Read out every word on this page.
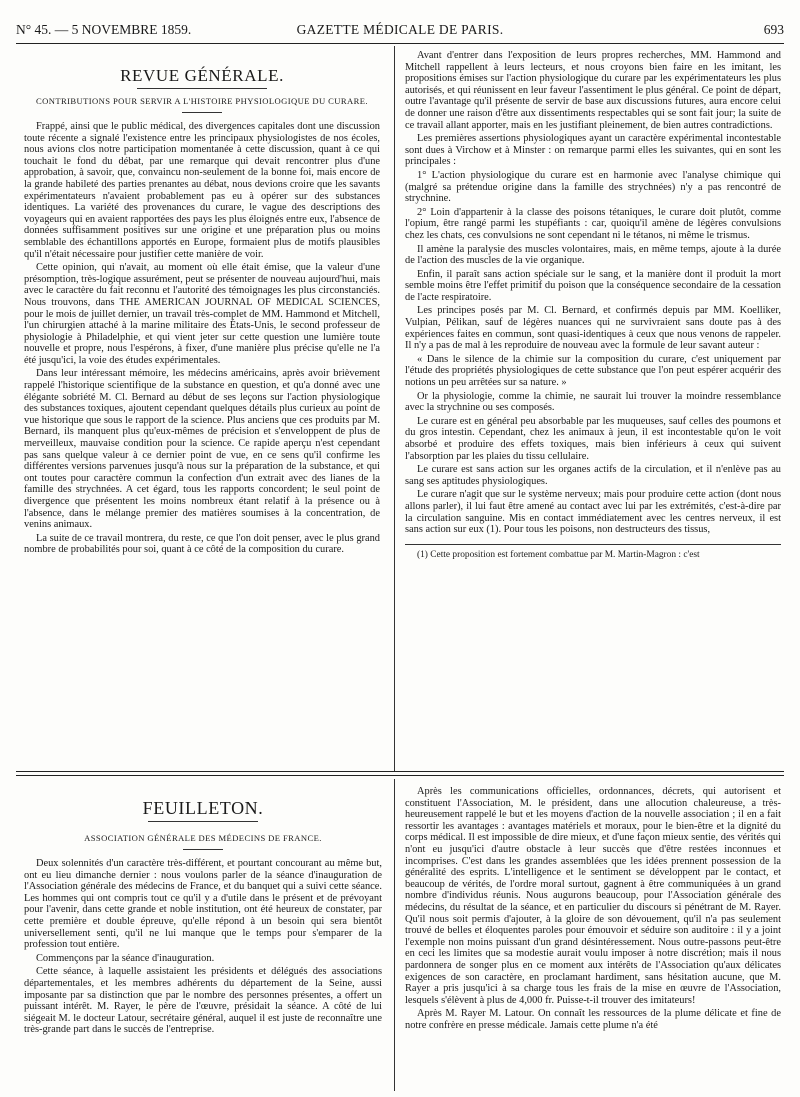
N° 45. — 5 NOVEMBRE 1859.	GAZETTE MÉDICALE DE PARIS.	693
REVUE GÉNÉRALE.
CONTRIBUTIONS POUR SERVIR A L'HISTOIRE PHYSIOLOGIQUE DU CURARE.

Frappé, ainsi que le public médical, des divergences capitales dont une discussion toute récente a signalé l'existence entre les principaux physiologistes de nos écoles, nous avions clos notre participation momentanée à cette discussion, quant à ce qui touchait le fond du débat, par une remarque qui devait rencontrer plus d'une approbation, à savoir, que, convaincu non-seulement de la bonne foi, mais encore de la grande habileté des parties prenantes au débat, nous devions croire que les savants expérimentateurs n'avaient probablement pas eu à opérer sur des substances identiques. La variété des provenances du curare, le vague des descriptions des voyageurs qui en avaient rapportées des pays les plus éloignés entre eux, l'absence de données suffisamment positives sur une origine et une préparation plus ou moins semblable des échantillons apportés en Europe, formaient plus de motifs plausibles qu'il n'était nécessaire pour justifier cette manière de voir.

Cette opinion, qui n'avait, au moment où elle était émise, que la valeur d'une présomption, très-logique assurément, peut se présenter de nouveau aujourd'hui, mais avec le caractère du fait reconnu et l'autorité des témoignages les plus circonstanciés. Nous trouvons, dans THE AMERICAN JOURNAL OF MEDICAL SCIENCES, pour le mois de juillet dernier, un travail très-complet de MM. Hammond et Mitchell, l'un chirurgien attaché à la marine militaire des États-Unis, le second professeur de physiologie à Philadelphie, et qui vient jeter sur cette question une lumière toute nouvelle et propre, nous l'espérons, à fixer, d'une manière plus précise qu'elle ne l'a été jusqu'ici, la voie des études expérimentales.

Dans leur intéressant mémoire, les médecins américains, après avoir brièvement rappelé l'historique scientifique de la substance en question, et qu'a donné avec une élégante sobriété M. Cl. Bernard au début de ses leçons sur l'action physiologique des substances toxiques, ajoutent cependant quelques détails plus curieux au point de vue historique que sous le rapport de la science. Plus anciens que ces produits par M. Bernard, ils manquent plus qu'eux-mêmes de précision et s'enveloppent de plus de merveilleux, mauvaise condition pour la science. Ce rapide aperçu n'est cependant pas sans quelque valeur à ce dernier point de vue, en ce sens qu'il confirme les différentes versions parvenues jusqu'à nous sur la préparation de la substance, et qui ont toutes pour caractère commun la confection d'un extrait avec des lianes de la famille des strychnées. A cet égard, tous les rapports concordent; le seul point de divergence que présentent les moins nombreux étant relatif à la présence ou à l'absence, dans le mélange premier des matières soumises à la concentration, de venins animaux.

La suite de ce travail montrera, du reste, ce que l'on doit penser, avec le plus grand nombre de probabilités pour soi, quant à ce côté de la composition du curare.

Avant d'entrer dans l'exposition de leurs propres recherches, MM. Hammond and Mitchell rappellent à leurs lecteurs, et nous croyons bien faire en les imitant, les propositions émises sur l'action physiologique du curare par les expérimentateurs les plus autorisés, et qui réunissent en leur faveur l'assentiment le plus général. Ce point de départ, outre l'avantage qu'il présente de servir de base aux discussions futures, aura encore celui de donner une raison d'être aux dissentiments respectables qui se sont fait jour; la suite de ce travail allant apporter, mais en les justifiant pleinement, de bien autres contradictions.

Les premières assertions physiologiques ayant un caractère expérimental incontestable sont dues à Virchow et à Minster : on remarque parmi elles les suivantes, qui en sont les principales :

1° L'action physiologique du curare est en harmonie avec l'analyse chimique qui (malgré sa prétendue origine dans la famille des strychnées) n'y a pas rencontré de strychnine.

2° Loin d'appartenir à la classe des poisons tétaniques, le curare doit plutôt, comme l'opium, être rangé parmi les stupéfiants : car, quoiqu'il amène de légères convulsions chez les chats, ces convulsions ne sont cependant ni le tétanos, ni même le trismus.

Il amène la paralysie des muscles volontaires, mais, en même temps, ajoute à la durée de l'action des muscles de la vie organique.

Enfin, il paraît sans action spéciale sur le sang, et la manière dont il produit la mort semble moins être l'effet primitif du poison que la conséquence secondaire de la cessation de l'acte respiratoire.

Les principes posés par M. Cl. Bernard, et confirmés depuis par MM. Koelliker, Vulpian, Pélikan, sauf de légères nuances qui ne survivraient sans doute pas à des expériences faites en commun, sont quasi-identiques à ceux que nous venons de rappeler. Il n'y a pas de mal à les reproduire de nouveau avec la formule de leur savant auteur :

« Dans le silence de la chimie sur la composition du curare, c'est uniquement par l'étude des propriétés physiologiques de cette substance que l'on peut espérer acquérir des notions un peu arrêtées sur sa nature. »

Or la physiologie, comme la chimie, ne saurait lui trouver la moindre ressemblance avec la strychnine ou ses composés.

Le curare est en général peu absorbable par les muqueuses, sauf celles des poumons et du gros intestin. Cependant, chez les animaux à jeun, il est incontestable qu'on le voit absorbé et produire des effets toxiques, mais bien inférieurs à ceux qui suivent l'absorption par les plaies du tissu cellulaire.

Le curare est sans action sur les organes actifs de la circulation, et il n'enlève pas au sang ses aptitudes physiologiques.

Le curare n'agit que sur le système nerveux; mais pour produire cette action (dont nous allons parler), il lui faut être amené au contact avec lui par les extrémités, c'est-à-dire par la circulation sanguine. Mis en contact immédiatement avec les centres nerveux, il est sans action sur eux (1). Pour tous les poisons, non destructeurs des tissus,

(1) Cette proposition est fortement combattue par M. Martin-Magron : c'est
FEUILLETON.
ASSOCIATION GÉNÉRALE DES MÉDECINS DE FRANCE.

Deux solennités d'un caractère très-différent, et pourtant concourant au même but, ont eu lieu dimanche dernier : nous voulons parler de la séance d'inauguration de l'Association générale des médecins de France, et du banquet qui a suivi cette séance. Les hommes qui ont compris tout ce qu'il y a d'utile dans le présent et de prévoyant pour l'avenir, dans cette grande et noble institution, ont été heureux de constater, par cette première et double épreuve, qu'elle répond à un besoin qui sera bientôt universellement senti, qu'il ne lui manque que le temps pour s'emparer de la profession tout entière.

Commençons par la séance d'inauguration.

Cette séance, à laquelle assistaient les présidents et délégués des associations départementales, et les membres adhérents du département de la Seine, aussi imposante par sa distinction que par le nombre des personnes présentes, a offert un puissant intérêt. M. Rayer, le père de l'œuvre, présidait la séance. A côté de lui siégeait M. le docteur Latour, secrétaire général, auquel il est juste de reconnaître une très-grande part dans le succès de l'entreprise.

Après les communications officielles, ordonnances, décrets, qui autorisent et constituent l'Association, M. le président, dans une allocution chaleureuse, a très-heureusement rappelé le but et les moyens d'action de la nouvelle association ; il en a fait ressortir les avantages : avantages matériels et moraux, pour le bien-être et la dignité du corps médical. Il est impossible de dire mieux, et d'une façon mieux sentie, des vérités qui n'ont eu jusqu'ici d'autre obstacle à leur succès que d'être restées inconnues et incomprises. C'est dans les grandes assemblées que les idées prennent possession de la généralité des esprits. L'intelligence et le sentiment se développent par le contact, et beaucoup de vérités, de l'ordre moral surtout, gagnent à être communiquées à un grand nombre d'individus réunis. Nous augurons beaucoup, pour l'Association générale des médecins, du résultat de la séance, et en particulier du discours si pénétrant de M. Rayer. Qu'il nous soit permis d'ajouter, à la gloire de son dévouement, qu'il n'a pas seulement trouvé de belles et éloquentes paroles pour émouvoir et séduire son auditoire : il y a joint l'exemple non moins puissant d'un grand désintéressement. Nous outre-passons peut-être en ceci les limites que sa modestie aurait voulu imposer à notre discrétion; mais il nous pardonnera de songer plus en ce moment aux intérêts de l'Association qu'aux délicates exigences de son caractère, en proclamant hardiment, sans hésitation aucune, que M. Rayer a pris jusqu'ici à sa charge tous les frais de la mise en œuvre de l'Association, lesquels s'élèvent à plus de 4,000 fr. Puisse-t-il trouver des imitateurs!

Après M. Rayer M. Latour. On connaît les ressources de la plume délicate et fine de notre confrère en presse médicale. Jamais cette plume n'a été
